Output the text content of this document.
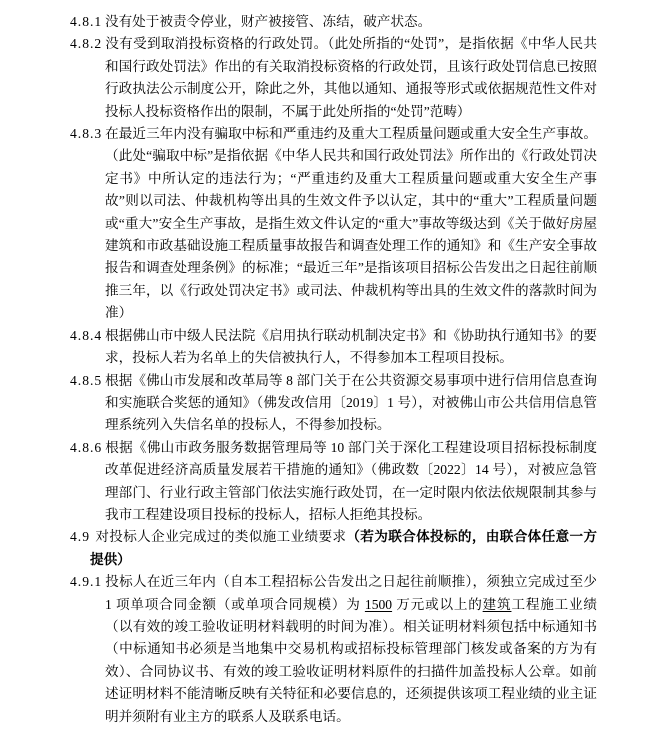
4.8.1 没有处于被责令停业，财产被接管、冻结，破产状态。
4.8.2 没有受到取消投标资格的行政处罚。（此处所指的“处罚”，是指依据《中华人民共和国行政处罚法》作出的有关取消投标资格的行政处罚，且该行政处罚信息已按照行政执法公示制度公开，除此之外，其他以通知、通报等形式或依据规范性文件对投标人投标资格作出的限制，不属于此处所指的“处罚”范畴）
4.8.3 在最近三年内没有骗取中标和严重违约及重大工程质量问题或重大安全生产事故。（此处“骗取中标”是指依据《中华人民共和国行政处罚法》所作出的《行政处罚决定书》中所认定的违法行为；“严重违约及重大工程质量问题或重大安全生产事故”则以司法、仲裁机构等出具的生效文件予以认定，其中的“重大”工程质量问题或“重大”安全生产事故，是指生效文件认定的“重大”事故等级达到《关于做好房屋建筑和市政基础设施工程质量事故报告和调查处理工作的通知》和《生产安全事故报告和调查处理条例》的标准；“最近三年”是指该项目招标公告发出之日起往前顺推三年，以《行政处罚决定书》或司法、仲裁机构等出具的生效文件的落款时间为准）
4.8.4 根据佛山市中级人民法院《启用执行联动机制决定书》和《协助执行通知书》的要求，投标人若为名单上的失信被执行人，不得参加本工程项目投标。
4.8.5 根据《佛山市发展和改革局等 8 部门关于在公共资源交易事项中进行信用信息查询和实施联合奖惩的通知》（佛发改信用〔2019〕1 号），对被佛山市公共信用信息管理系统列入失信名单的投标人，不得参加投标。
4.8.6 根据《佛山市政务服务数据管理局等 10 部门关于深化工程建设项目招标投标制度改革促进经济高质量发展若干措施的通知》（佛政数〔2022〕14 号），对被应急管理部门、行业行政主管部门依法实施行政处罚，在一定时限内依法依规限制其参与我市工程建设项目投标的投标人，招标人拒绝其投标。
4.9 对投标人企业完成过的类似施工业绩要求（若为联合体投标的，由联合体任意一方提供）
4.9.1 投标人在近三年内（自本工程招标公告发出之日起往前顺推），须独立完成过至少 1 项单项合同金额（或单项合同规模）为 1500 万元或以上的建筑工程施工业绩（以有效的竣工验收证明材料载明的时间为准）。相关证明材料须包括中标通知书（中标通知书必须是当地集中交易机构或招标投标管理部门核发或备案的方为有效）、合同协议书、有效的竣工验收证明材料原件的扫描件加盖投标人公章。如前述证明材料不能清晰反映有关特征和必要信息的，还须提供该项工程业绩的业主证明并须附有业主方的联系人及联系电话。
